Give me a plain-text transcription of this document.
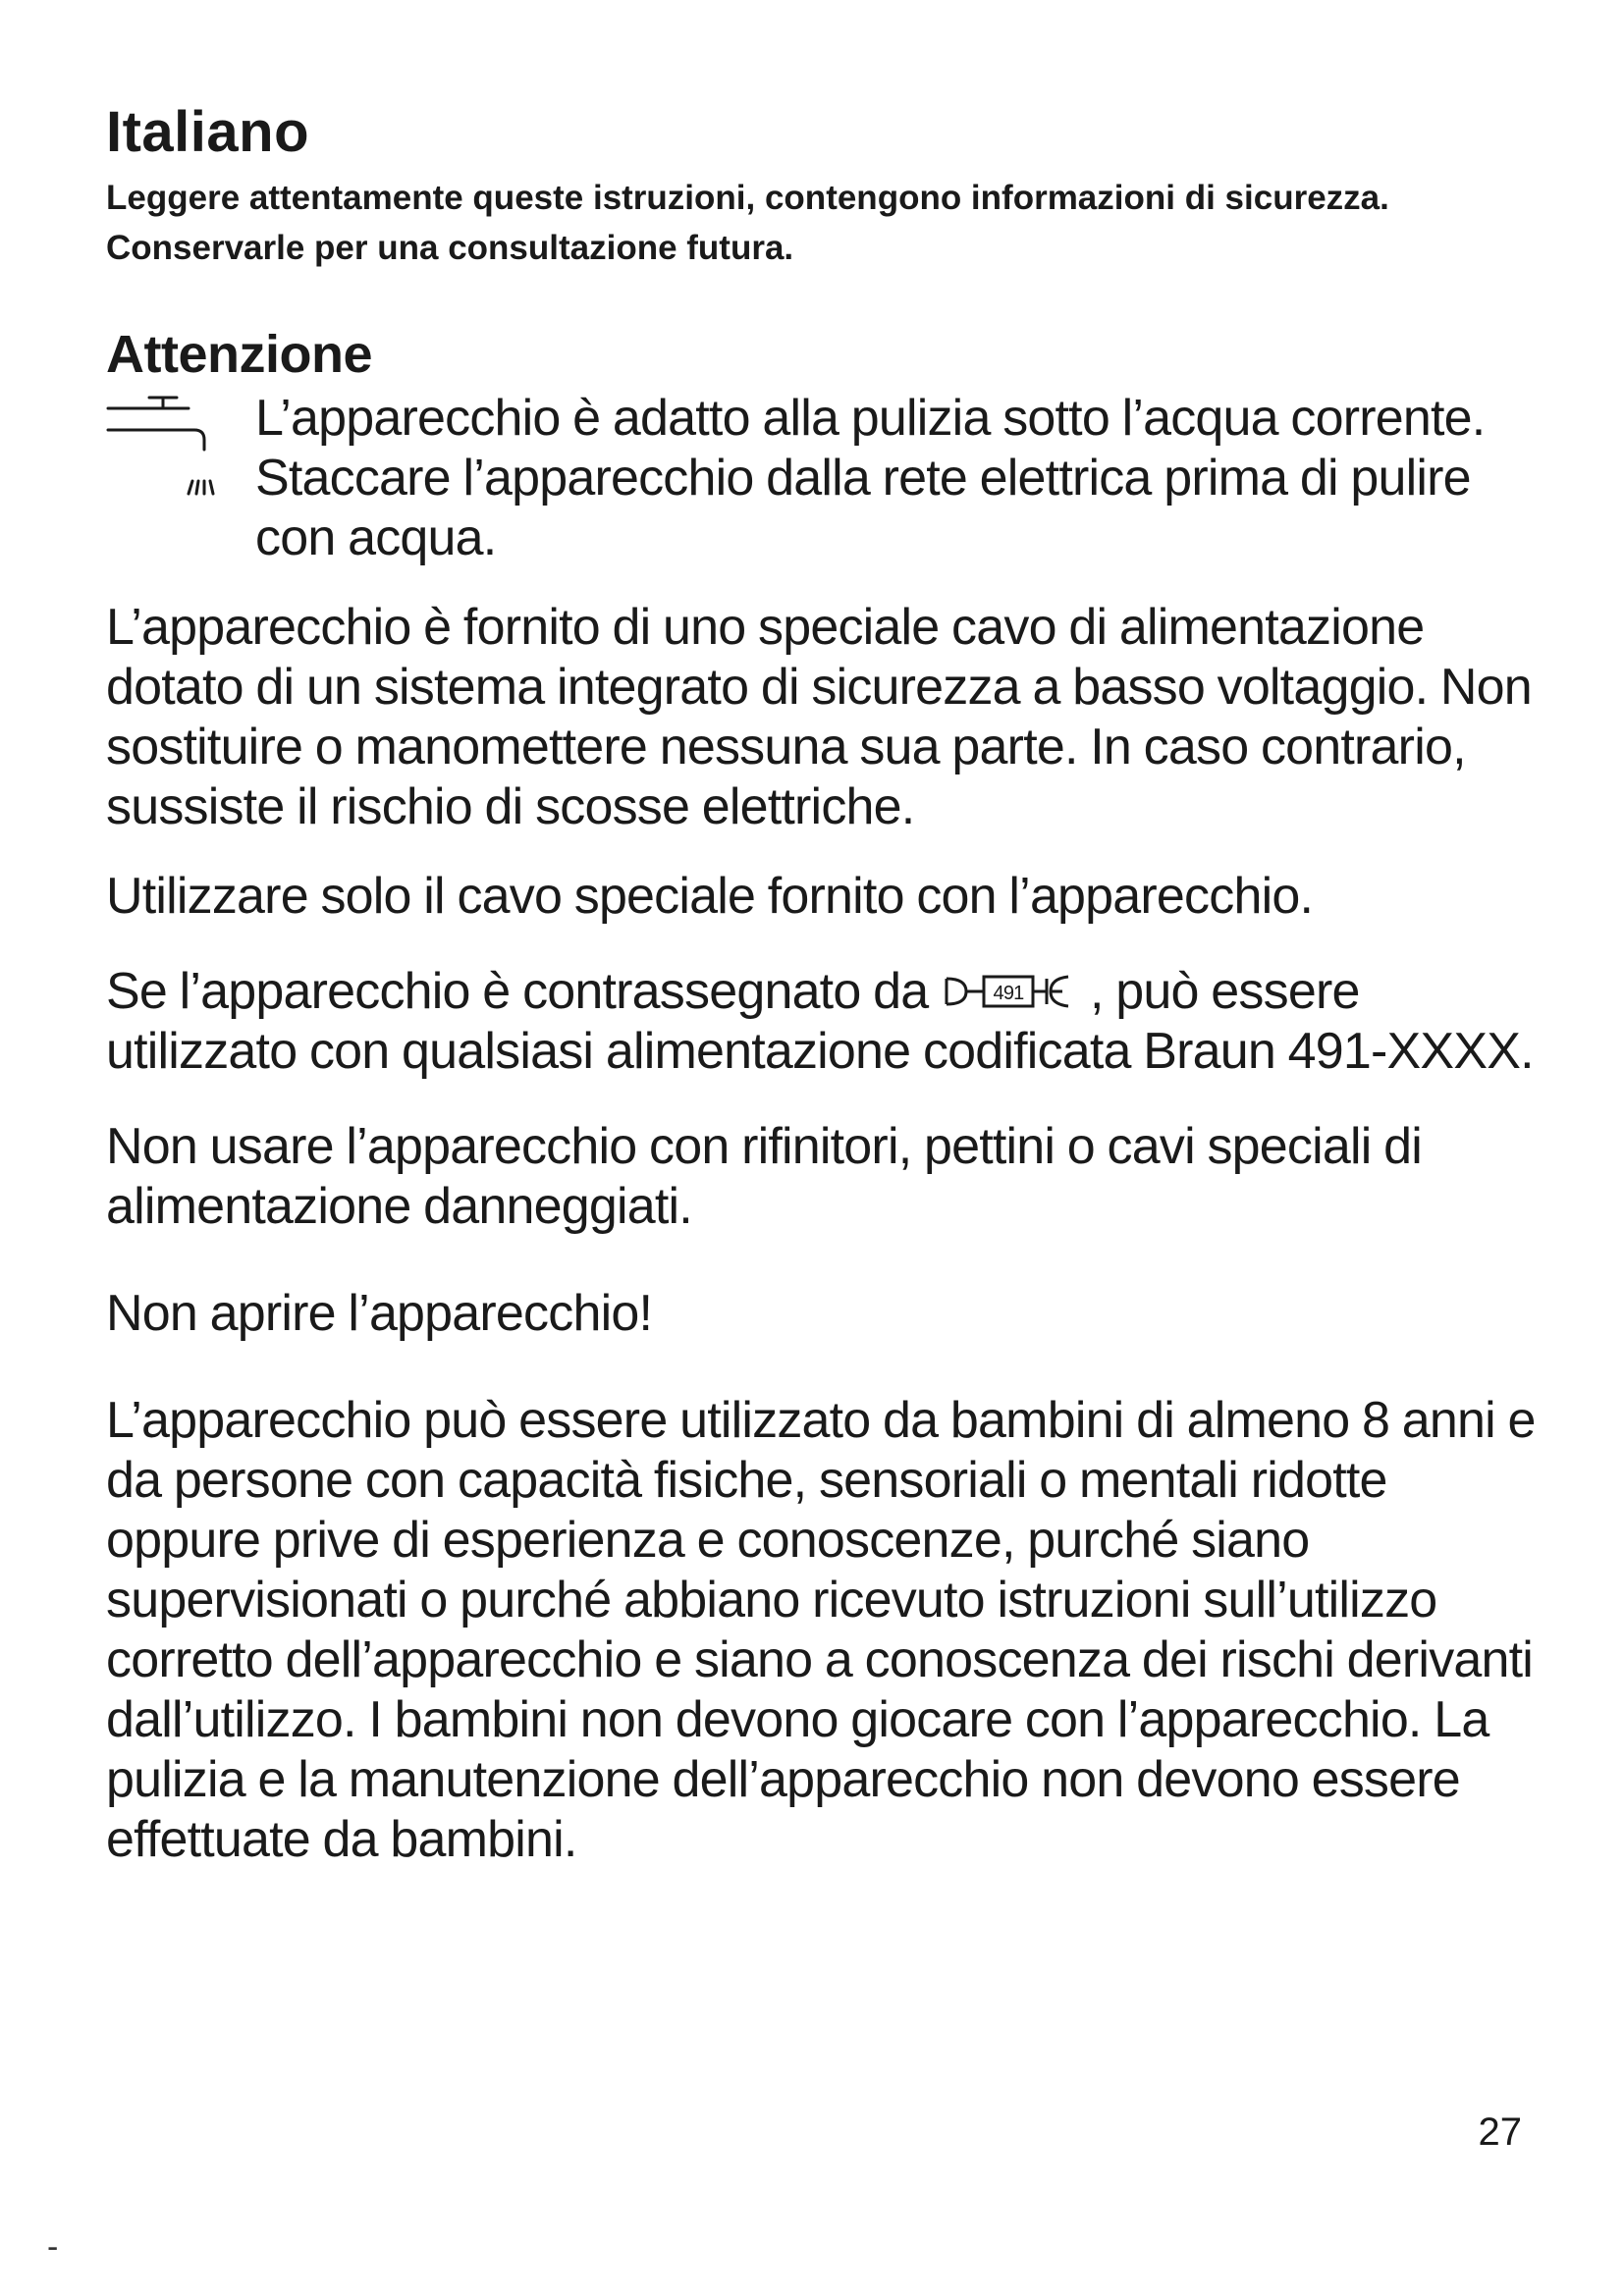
Italiano

Leggere attentamente queste istruzioni, contengono informazioni di sicurezza. Conservarle per una consultazione futura.

Attenzione

L’apparecchio è adatto alla pulizia sotto l’acqua corrente. Staccare l’apparecchio dalla rete elettrica prima di pulire con acqua.

L’apparecchio è fornito di uno speciale cavo di alimentazione dotato di un sistema integrato di sicurezza a basso voltaggio. Non sostituire o manomettere nessuna sua parte. In caso contrario, sussiste il rischio di scosse elettriche.

Utilizzare solo il cavo speciale fornito con l’apparecchio.

Se l’apparecchio è contrassegnato da	491 , può essere utilizzato con qualsiasi alimentazione codificata Braun 491-XXXX.

Non usare l’apparecchio con rifinitori, pettini o cavi speciali di alimentazione danneggiati.

Non aprire l’apparecchio!

L’apparecchio può essere utilizzato da bambini di almeno 8 anni e da persone con capacità fisiche, sensoriali o mentali ridotte oppure prive di esperienza e conoscenze, purché siano supervisionati o purché abbiano ricevuto istruzioni sull’utilizzo corretto dell’apparecchio e siano a conoscenza dei rischi derivanti dall’utilizzo. I bambini non devono giocare con l’apparecchio. La pulizia e la manutenzione dell’apparecchio non devono essere effettuate da bambini.

27
-
